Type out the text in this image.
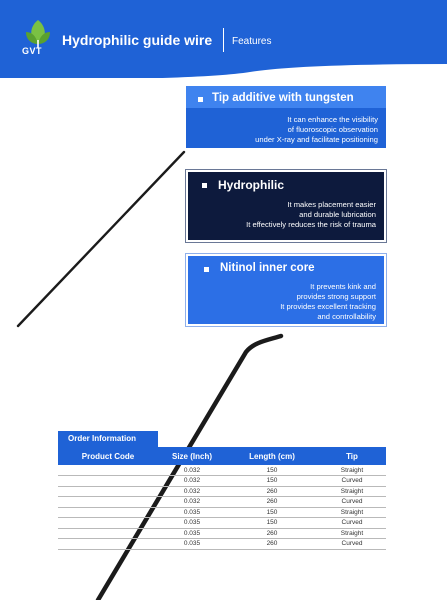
GVT
Hydrophilic guide wire Features
Tip additive with tungsten
It can enhance the visibility
of fluoroscopic observation
under X-ray and facilitate positioning
Hydrophilic
It makes placement easier
and durable lubrication
It effectively reduces the risk of trauma
Nitinol inner core
It prevents kink and
provides strong support
It provides excellent tracking
and controllability
Order Information
Product Code	Size (Inch)	Length (cm)	Tip
	0.032	150	Straight
	0.032	150	Curved
	0.032	260	Straight
	0.032	260	Curved
	0.035	150	Straight
	0.035	150	Curved
	0.035	260	Straight
	0.035	260	Curved
